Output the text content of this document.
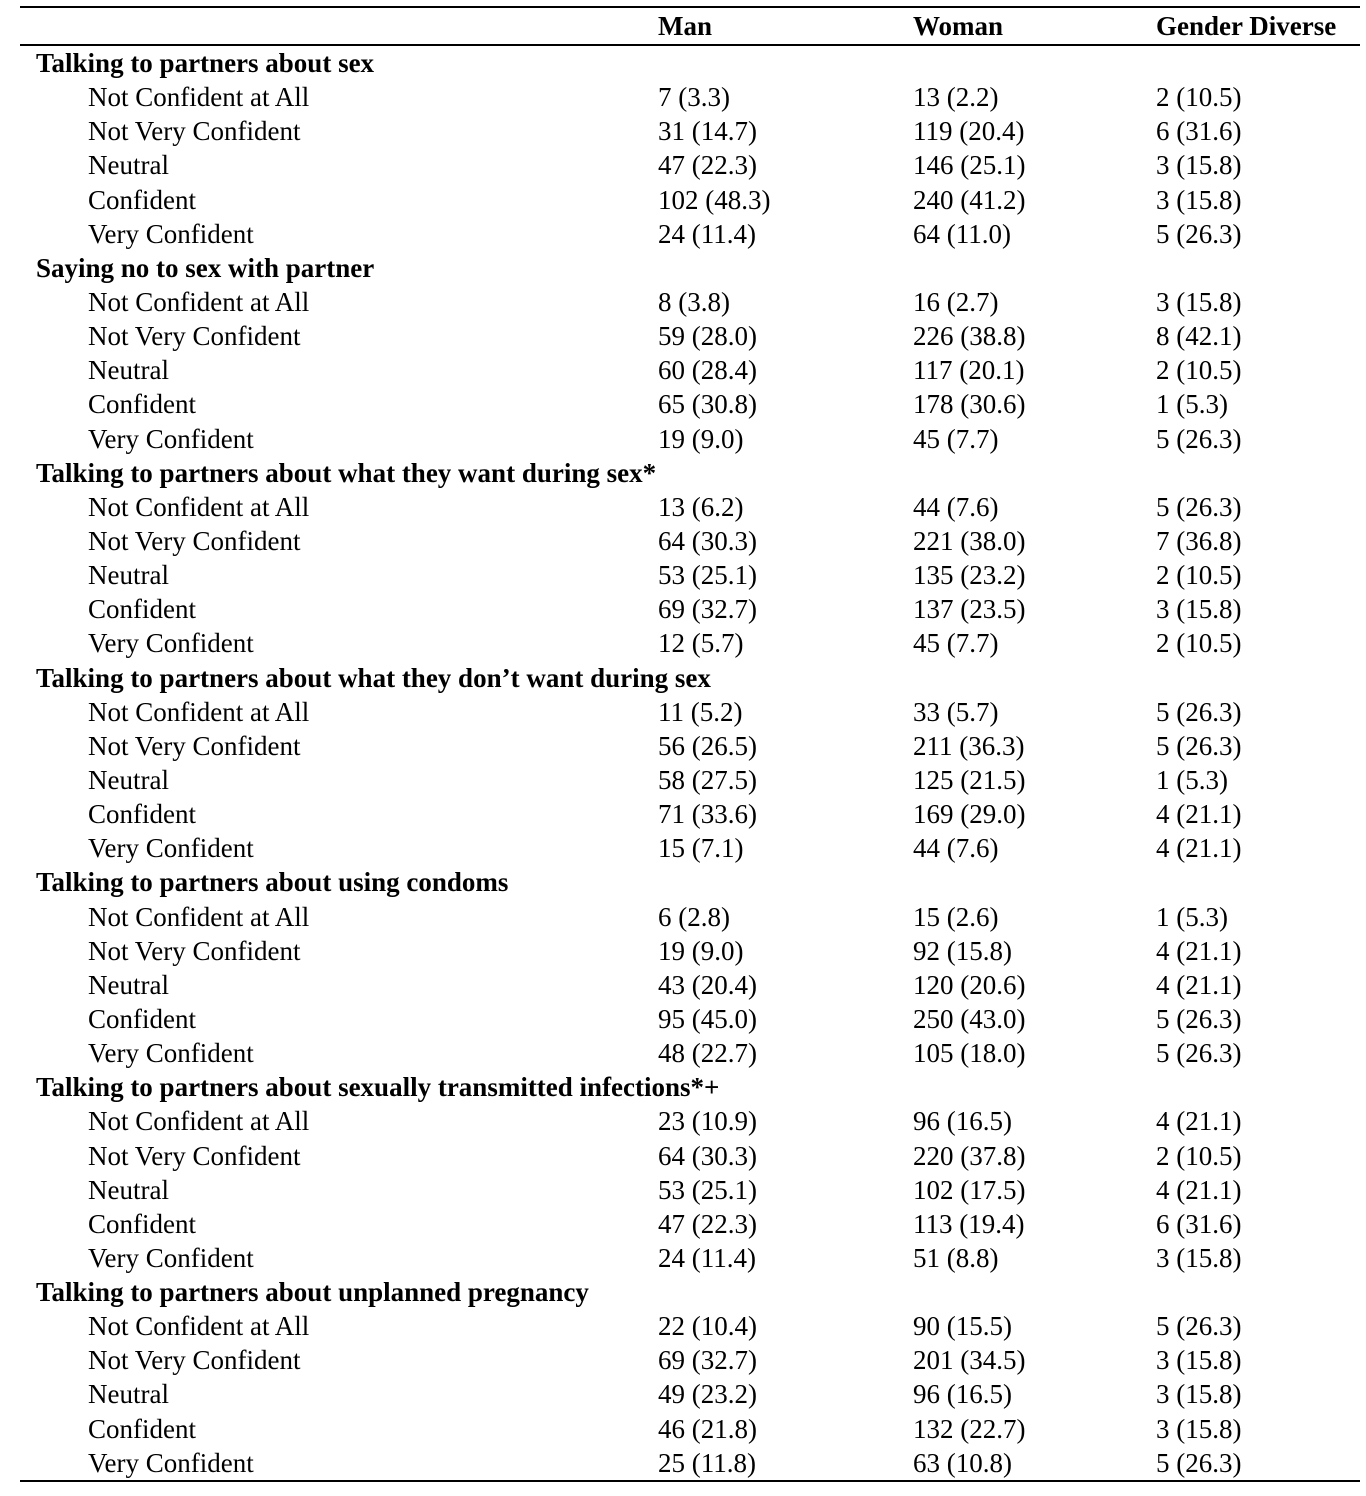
Man	Woman	Gender Diverse
Talking to partners about sex
Not Confident at All	7 (3.3)	13 (2.2)	2 (10.5)
Not Very Confident	31 (14.7)	119 (20.4)	6 (31.6)
Neutral	47 (22.3)	146 (25.1)	3 (15.8)
Confident	102 (48.3)	240 (41.2)	3 (15.8)
Very Confident	24 (11.4)	64 (11.0)	5 (26.3)
Saying no to sex with partner
Not Confident at All	8 (3.8)	16 (2.7)	3 (15.8)
Not Very Confident	59 (28.0)	226 (38.8)	8 (42.1)
Neutral	60 (28.4)	117 (20.1)	2 (10.5)
Confident	65 (30.8)	178 (30.6)	1 (5.3)
Very Confident	19 (9.0)	45 (7.7)	5 (26.3)
Talking to partners about what they want during sex*
Not Confident at All	13 (6.2)	44 (7.6)	5 (26.3)
Not Very Confident	64 (30.3)	221 (38.0)	7 (36.8)
Neutral	53 (25.1)	135 (23.2)	2 (10.5)
Confident	69 (32.7)	137 (23.5)	3 (15.8)
Very Confident	12 (5.7)	45 (7.7)	2 (10.5)
Talking to partners about what they don’t want during sex
Not Confident at All	11 (5.2)	33 (5.7)	5 (26.3)
Not Very Confident	56 (26.5)	211 (36.3)	5 (26.3)
Neutral	58 (27.5)	125 (21.5)	1 (5.3)
Confident	71 (33.6)	169 (29.0)	4 (21.1)
Very Confident	15 (7.1)	44 (7.6)	4 (21.1)
Talking to partners about using condoms
Not Confident at All	6 (2.8)	15 (2.6)	1 (5.3)
Not Very Confident	19 (9.0)	92 (15.8)	4 (21.1)
Neutral	43 (20.4)	120 (20.6)	4 (21.1)
Confident	95 (45.0)	250 (43.0)	5 (26.3)
Very Confident	48 (22.7)	105 (18.0)	5 (26.3)
Talking to partners about sexually transmitted infections*+
Not Confident at All	23 (10.9)	96 (16.5)	4 (21.1)
Not Very Confident	64 (30.3)	220 (37.8)	2 (10.5)
Neutral	53 (25.1)	102 (17.5)	4 (21.1)
Confident	47 (22.3)	113 (19.4)	6 (31.6)
Very Confident	24 (11.4)	51 (8.8)	3 (15.8)
Talking to partners about unplanned pregnancy
Not Confident at All	22 (10.4)	90 (15.5)	5 (26.3)
Not Very Confident	69 (32.7)	201 (34.5)	3 (15.8)
Neutral	49 (23.2)	96 (16.5)	3 (15.8)
Confident	46 (21.8)	132 (22.7)	3 (15.8)
Very Confident	25 (11.8)	63 (10.8)	5 (26.3)
